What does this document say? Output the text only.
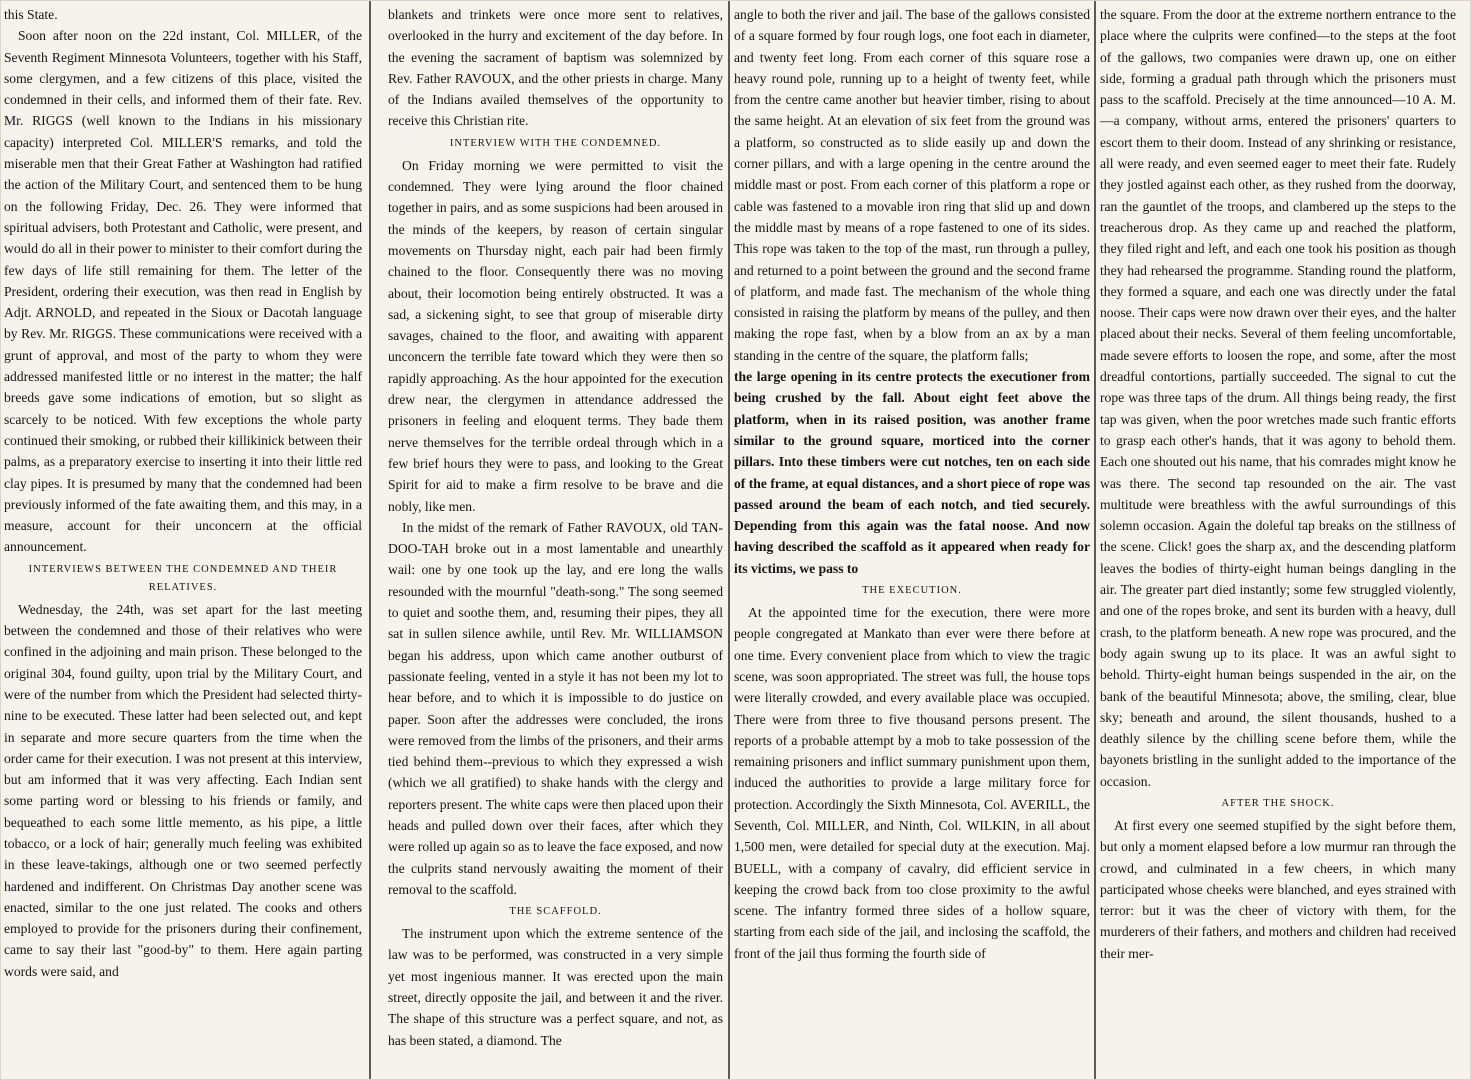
this State.

Soon after noon on the 22d instant, Col. MILLER, of the Seventh Regiment Minnesota Volunteers, together with his Staff, some clergymen, and a few citizens of this place, visited the condemned in their cells, and informed them of their fate. Rev. Mr. RIGGS (well known to the Indians in his missionary capacity) interpreted Col. MILLER'S remarks, and told the miserable men that their Great Father at Washington had ratified the action of the Military Court, and sentenced them to be hung on the following Friday, Dec. 26. They were informed that spiritual advisers, both Protestant and Catholic, were present, and would do all in their power to minister to their comfort during the few days of life still remaining for them. The letter of the President, ordering their execution, was then read in English by Adjt. ARNOLD, and repeated in the Sioux or Dacotah language by Rev. Mr. RIGGS. These communications were received with a grunt of approval, and most of the party to whom they were addressed manifested little or no interest in the matter; the half breeds gave some indications of emotion, but so slight as scarcely to be noticed. With few exceptions the whole party continued their smoking, or rubbed their killikinick between their palms, as a preparatory exercise to inserting it into their little red clay pipes. It is presumed by many that the condemned had been previously informed of the fate awaiting them, and this may, in a measure, account for their unconcern at the official announcement.

INTERVIEWS BETWEEN THE CONDEMNED AND THEIR RELATIVES.

Wednesday, the 24th, was set apart for the last meeting between the condemned and those of their relatives who were confined in the adjoining and main prison. These belonged to the original 304, found guilty, upon trial by the Military Court, and were of the number from which the President had selected thirty-nine to be executed. These latter had been selected out, and kept in separate and more secure quarters from the time when the order came for their execution. I was not present at this interview, but am informed that it was very affecting. Each Indian sent some parting word or blessing to his friends or family, and bequeathed to each some little memento, as his pipe, a little tobacco, or a lock of hair; generally much feeling was exhibited in these leave-takings, although one or two seemed perfectly hardened and indifferent. On Christmas Day another scene was enacted, similar to the one just related. The cooks and others employed to provide for the prisoners during their confinement, came to say their last "good-by" to them. Here again parting words were said, and

blankets and trinkets were once more sent to relatives, overlooked in the hurry and excitement of the day before. In the evening the sacrament of baptism was solemnized by Rev. Father RAVOUX, and the other priests in charge. Many of the Indians availed themselves of the opportunity to receive this Christian rite.

INTERVIEW WITH THE CONDEMNED.

On Friday morning we were permitted to visit the condemned. They were lying around the floor chained together in pairs, and as some suspicions had been aroused in the minds of the keepers, by reason of certain singular movements on Thursday night, each pair had been firmly chained to the floor. Consequently there was no moving about, their locomotion being entirely obstructed. It was a sad, a sickening sight, to see that group of miserable dirty savages, chained to the floor, and awaiting with apparent unconcern the terrible fate toward which they were then so rapidly approaching. As the hour appointed for the execution drew near, the clergymen in attendance addressed the prisoners in feeling and eloquent terms. They bade them nerve themselves for the terrible ordeal through which in a few brief hours they were to pass, and looking to the Great Spirit for aid to make a firm resolve to be brave and die nobly, like men.

In the midst of the remark of Father RAVOUX, old TAN-DOO-TAH broke out in a most lamentable and unearthly wail: one by one took up the lay, and ere long the walls resounded with the mournful "death-song." The song seemed to quiet and soothe them, and, resuming their pipes, they all sat in sullen silence awhile, until Rev. Mr. WILLIAMSON began his address, upon which came another outburst of passionate feeling, vented in a style it has not been my lot to hear before, and to which it is impossible to do justice on paper. Soon after the addresses were concluded, the irons were removed from the limbs of the prisoners, and their arms tied behind them--previous to which they expressed a wish (which we all gratified) to shake hands with the clergy and reporters present. The white caps were then placed upon their heads and pulled down over their faces, after which they were rolled up again so as to leave the face exposed, and now the culprits stand nervously awaiting the moment of their removal to the scaffold.

THE SCAFFOLD.

The instrument upon which the extreme sentence of the law was to be performed, was constructed in a very simple yet most ingenious manner. It was erected upon the main street, directly opposite the jail, and between it and the river. The shape of this structure was a perfect square, and not, as has been stated, a diamond. The

angle to both the river and jail. The base of the gallows consisted of a square formed by four rough logs, one foot each in diameter, and twenty feet long. From each corner of this square rose a heavy round pole, running up to a height of twenty feet, while from the centre came another but heavier timber, rising to about the same height. At an elevation of six feet from the ground was a platform, so constructed as to slide easily up and down the corner pillars, and with a large opening in the centre around the middle mast or post. From each corner of this platform a rope or cable was fastened to a movable iron ring that slid up and down the middle mast by means of a rope fastened to one of its sides. This rope was taken to the top of the mast, run through a pulley, and returned to a point between the ground and the second frame of platform, and made fast. The mechanism of the whole thing consisted in raising the platform by means of the pulley, and then making the rope fast, when by a blow from an ax by a man standing in the centre of the square, the platform falls;

the large opening in its centre protects the executioner from being crushed by the fall. About eight feet above the platform, when in its raised position, was another frame similar to the ground square, morticed into the corner pillars. Into these timbers were cut notches, ten on each side of the frame, at equal distances, and a short piece of rope was passed around the beam of each notch, and tied securely. Depending from this again was the fatal noose. And now having described the scaffold as it appeared when ready for its victims, we pass to

THE EXECUTION.

At the appointed time for the execution, there were more people congregated at Mankato than ever were there before at one time. Every convenient place from which to view the tragic scene, was soon appropriated. The street was full, the house tops were literally crowded, and every available place was occupied. There were from three to five thousand persons present. The reports of a probable attempt by a mob to take possession of the remaining prisoners and inflict summary punishment upon them, induced the authorities to provide a large military force for protection. Accordingly the Sixth Minnesota, Col. AVERILL, the Seventh, Col. MILLER, and Ninth, Col. WILKIN, in all about 1,500 men, were detailed for special duty at the execution. Maj. BUELL, with a company of cavalry, did efficient service in keeping the crowd back from too close proximity to the awful scene. The infantry formed three sides of a hollow square, starting from each side of the jail, and inclosing the scaffold, the front of the jail thus forming the fourth side of

the square. From the door at the extreme northern entrance to the place where the culprits were confined—to the steps at the foot of the gallows, two companies were drawn up, one on either side, forming a gradual path through which the prisoners must pass to the scaffold. Precisely at the time announced—10 A. M.—a company, without arms, entered the prisoners' quarters to escort them to their doom. Instead of any shrinking or resistance, all were ready, and even seemed eager to meet their fate. Rudely they jostled against each other, as they rushed from the doorway, ran the gauntlet of the troops, and clambered up the steps to the treacherous drop. As they came up and reached the platform, they filed right and left, and each one took his position as though they had rehearsed the programme. Standing round the platform, they formed a square, and each one was directly under the fatal noose. Their caps were now drawn over their eyes, and the halter placed about their necks. Several of them feeling uncomfortable, made severe efforts to loosen the rope, and some, after the most dreadful contortions, partially succeeded. The signal to cut the rope was three taps of the drum. All things being ready, the first tap was given, when the poor wretches made such frantic efforts to grasp each other's hands, that it was agony to behold them. Each one shouted out his name, that his comrades might know he was there. The second tap resounded on the air. The vast multitude were breathless with the awful surroundings of this solemn occasion. Again the doleful tap breaks on the stillness of the scene. Click! goes the sharp ax, and the descending platform leaves the bodies of thirty-eight human beings dangling in the air. The greater part died instantly; some few struggled violently, and one of the ropes broke, and sent its burden with a heavy, dull crash, to the platform beneath. A new rope was procured, and the body again swung up to its place. It was an awful sight to behold. Thirty-eight human beings suspended in the air, on the bank of the beautiful Minnesota; above, the smiling, clear, blue sky; beneath and around, the silent thousands, hushed to a deathly silence by the chilling scene before them, while the bayonets bristling in the sunlight added to the importance of the occasion.

AFTER THE SHOCK.

At first every one seemed stupified by the sight before them, but only a moment elapsed before a low murmur ran through the crowd, and culminated in a few cheers, in which many participated whose cheeks were blanched, and eyes strained with terror: but it was the cheer of victory with them, for the murderers of their fathers, and mothers and children had received their mer-
